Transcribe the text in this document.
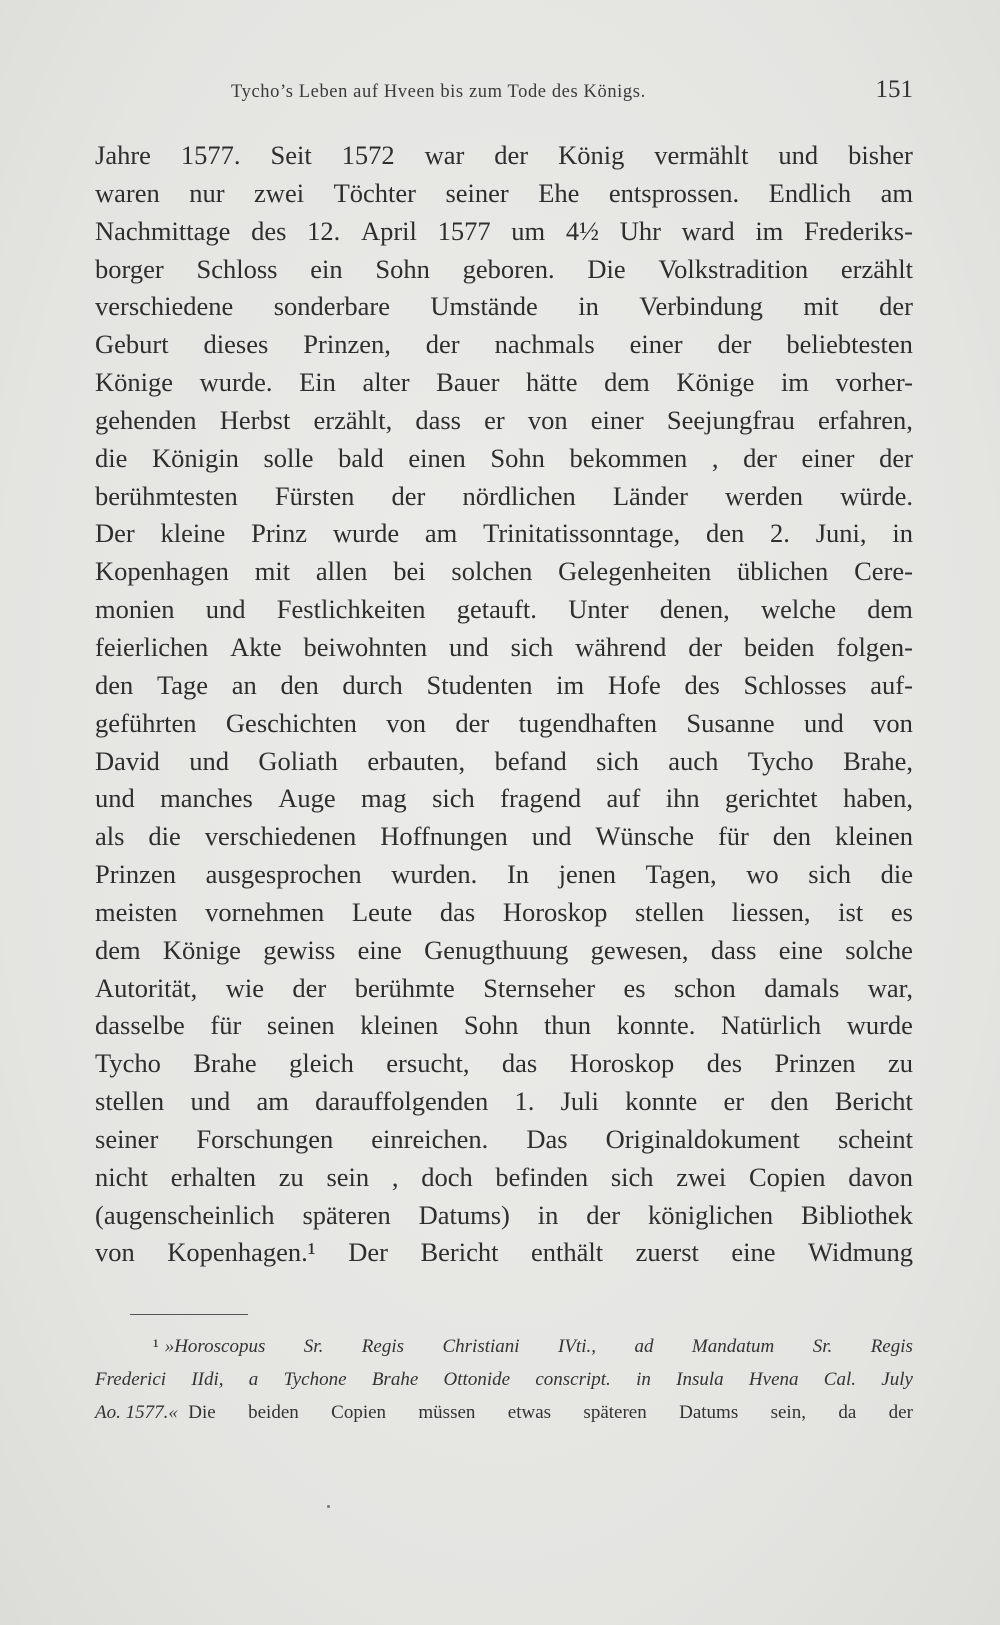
Tycho’s Leben auf Hveen bis zum Tode des Königs.	151
Jahre 1577. Seit 1572 war der König vermählt und bisher
waren nur zwei Töchter seiner Ehe entsprossen. Endlich am
Nachmittage des 12. April 1577 um 4½ Uhr ward im Frederiks-
borger Schloss ein Sohn geboren. Die Volkstradition erzählt
verschiedene sonderbare Umstände in Verbindung mit der
Geburt dieses Prinzen, der nachmals einer der beliebtesten
Könige wurde. Ein alter Bauer hätte dem Könige im vorher-
gehenden Herbst erzählt, dass er von einer Seejungfrau erfahren,
die Königin solle bald einen Sohn bekommen , der einer der
berühmtesten Fürsten der nördlichen Länder werden würde.
Der kleine Prinz wurde am Trinitatissonntage, den 2. Juni, in
Kopenhagen mit allen bei solchen Gelegenheiten üblichen Cere-
monien und Festlichkeiten getauft. Unter denen, welche dem
feierlichen Akte beiwohnten und sich während der beiden folgen-
den Tage an den durch Studenten im Hofe des Schlosses auf-
geführten Geschichten von der tugendhaften Susanne und von
David und Goliath erbauten, befand sich auch Tycho Brahe,
und manches Auge mag sich fragend auf ihn gerichtet haben,
als die verschiedenen Hoffnungen und Wünsche für den kleinen
Prinzen ausgesprochen wurden. In jenen Tagen, wo sich die
meisten vornehmen Leute das Horoskop stellen liessen, ist es
dem Könige gewiss eine Genugthuung gewesen, dass eine solche
Autorität, wie der berühmte Sternseher es schon damals war,
dasselbe für seinen kleinen Sohn thun konnte. Natürlich wurde
Tycho Brahe gleich ersucht, das Horoskop des Prinzen zu
stellen und am darauffolgenden 1. Juli konnte er den Bericht
seiner Forschungen einreichen. Das Originaldokument scheint
nicht erhalten zu sein , doch befinden sich zwei Copien davon
(augenscheinlich späteren Datums) in der königlichen Bibliothek
von Kopenhagen.¹ Der Bericht enthält zuerst eine Widmung
¹ »Horoscopus Sr. Regis Christiani IVti., ad Mandatum Sr. Regis
Frederici IIdi, a Tychone Brahe Ottonide conscript. in Insula Hvena Cal. July
Ao. 1577.« Die beiden Copien müssen etwas späteren Datums sein, da der
